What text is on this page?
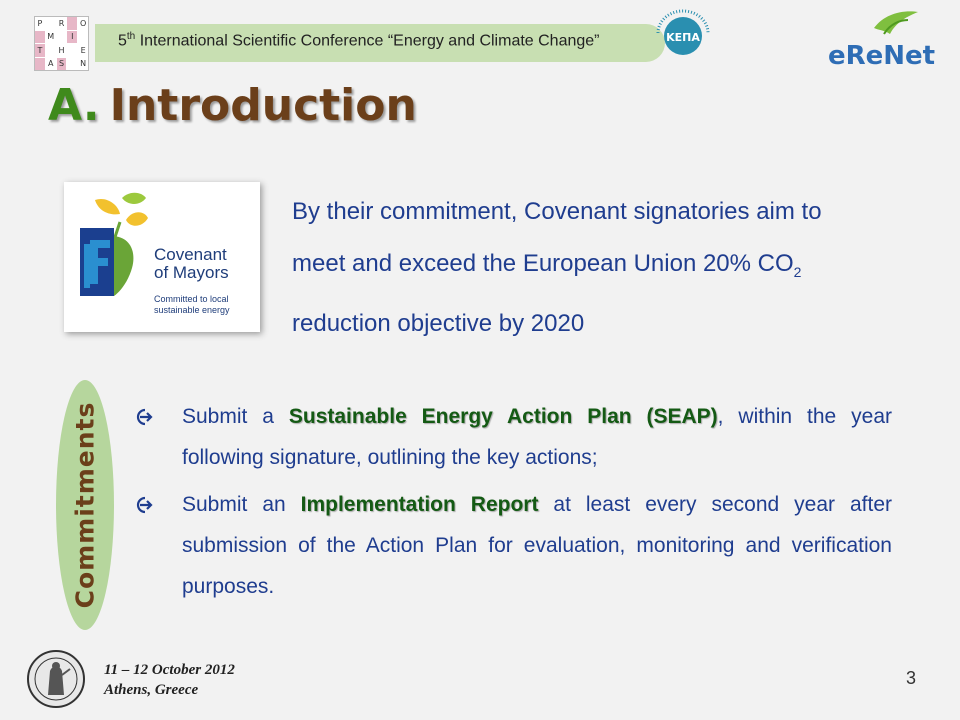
P	R O
M	I
T	H E
A S N
5th International Scientific Conference “Energy and Climate Change”	ΚΕΠΑ
eReNet
A. Introduction
Covenant
of Mayors
Committed to local
sustainable energy
By their commitment, Covenant signatories aim to
meet and exceed the European Union 20% $CO_2$
reduction objective by 2020
Commitments	Submit a Sustainable Energy Action Plan (SEAP), within the year following signature, outlining the key actions;
Submit an Implementation Report at least every second year after submission of the Action Plan for evaluation, monitoring and verification purposes.
11 – 12 October 2012
Athens, Greece
3
